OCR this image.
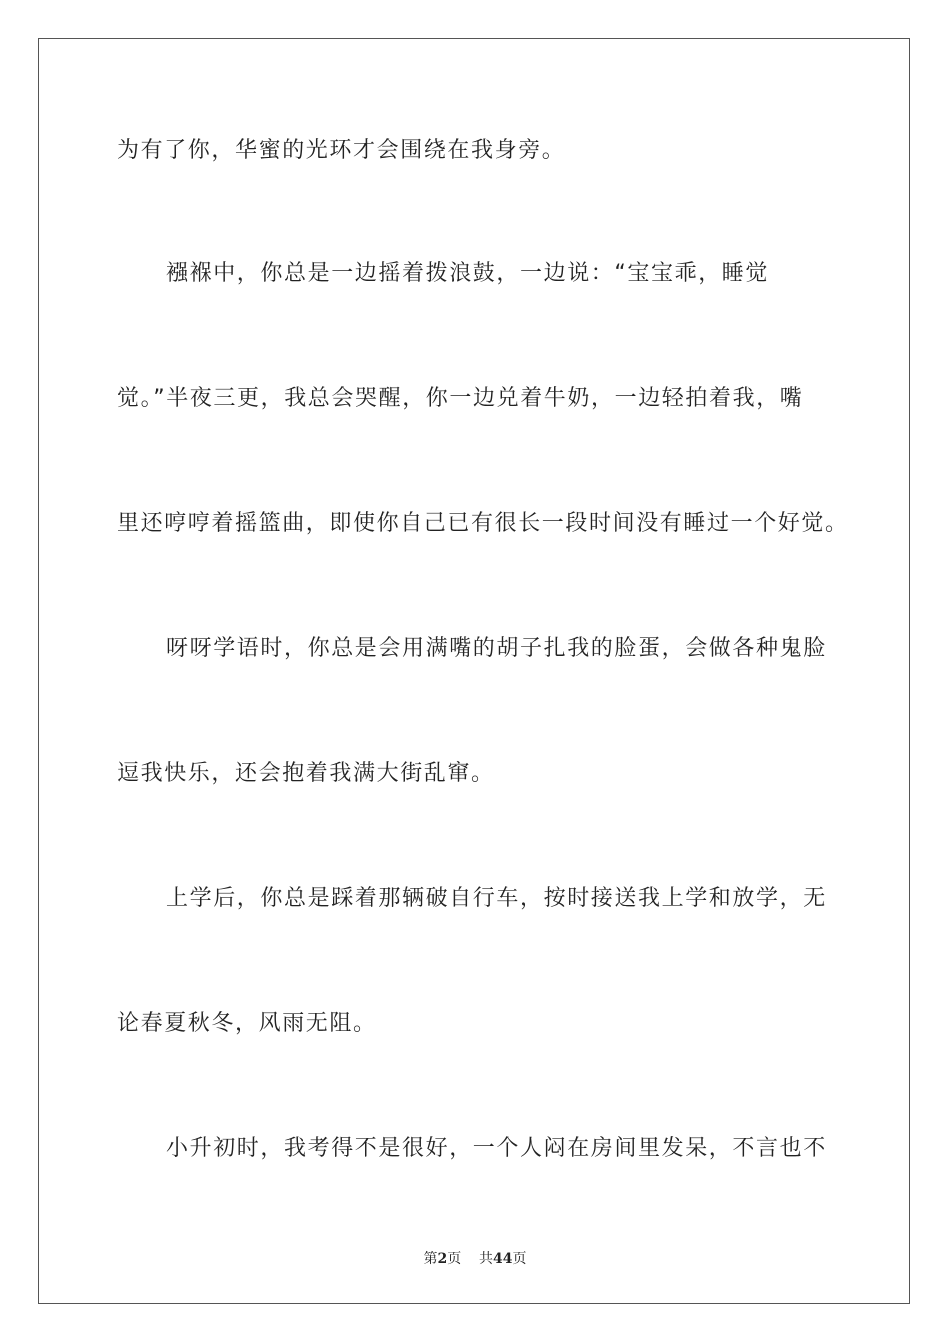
为有了你，华蜜的光环才会围绕在我身旁。
襁褓中，你总是一边摇着拨浪鼓，一边说：“宝宝乖，睡觉
觉。”半夜三更，我总会哭醒，你一边兑着牛奶，一边轻拍着我，嘴
里还哼哼着摇篮曲，即使你自己已有很长一段时间没有睡过一个好觉。
呀呀学语时，你总是会用满嘴的胡子扎我的脸蛋，会做各种鬼脸
逗我快乐，还会抱着我满大街乱窜。
上学后，你总是踩着那辆破自行车，按时接送我上学和放学，无
论春夏秋冬，风雨无阻。
小升初时，我考得不是很好，一个人闷在房间里发呆，不言也不
第2页 共44页
